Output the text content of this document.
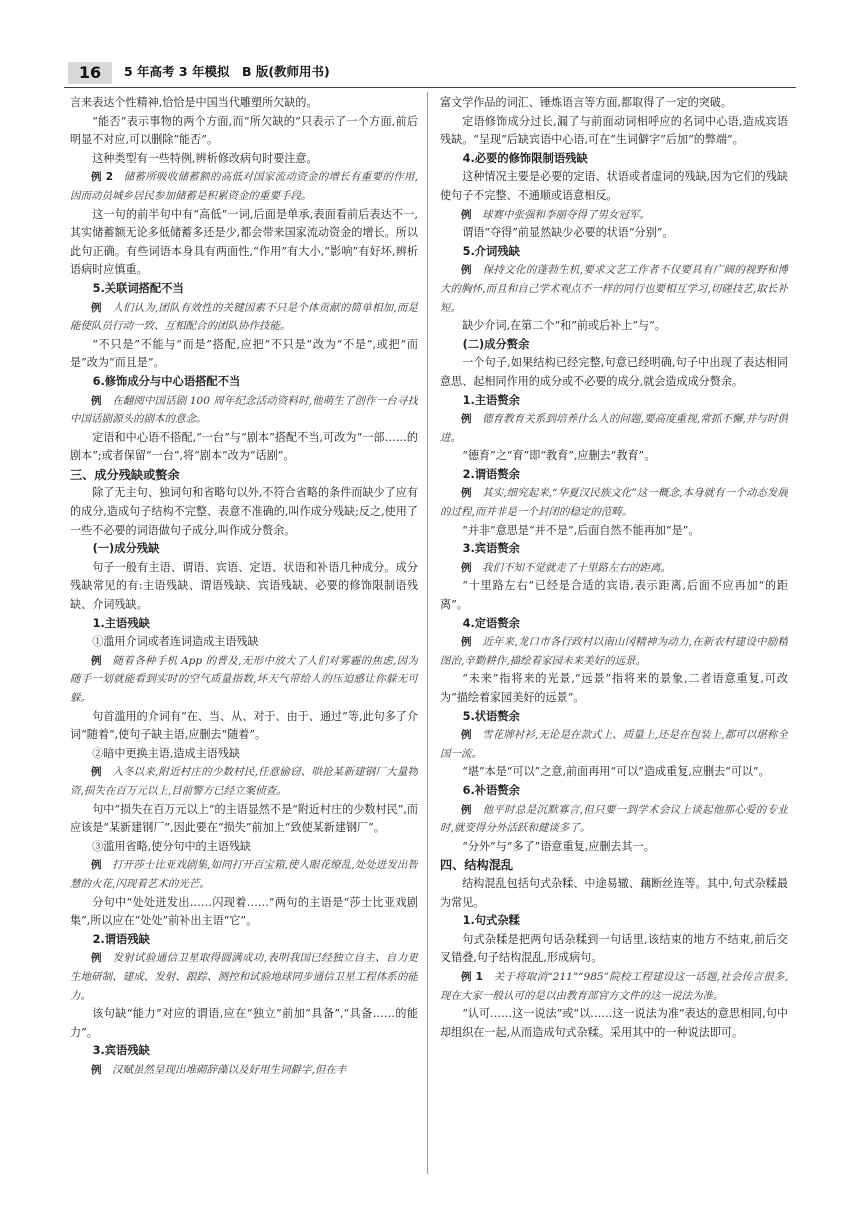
16	5 年高考 3 年模拟　B 版(教师用书)

言来表达个性精神,恰恰是中国当代雕塑所欠缺的。

“能否”表示事物的两个方面,而“所欠缺的”只表示了一个方面,前后明显不对应,可以删除“能否”。

这种类型有一些特例,辨析修改病句时要注意。

例 2  储蓄所吸收储蓄额的高低对国家流动资金的增长有重要的作用,因而动员城乡居民参加储蓄是积累资金的重要手段。

这一句的前半句中有“高低”一词,后面是单承,表面看前后表达不一,其实储蓄额无论多低储蓄多还是少,都会带来国家流动资金的增长。所以此句正确。有些词语本身具有两面性,“作用”有大小,“影响”有好坏,辨析语病时应慎重。

5.关联词搭配不当

例  人们认为,团队有效性的关键因素不只是个体贡献的简单相加,而是能使队员行动一致、互相配合的团队协作技能。

“不只是”不能与“而是”搭配,应把“不只是”改为“不是”,或把“而是”改为“而且是”。

6.修饰成分与中心语搭配不当

例  在翻阅中国话剧 100 周年纪念活动资料时,他萌生了创作一台寻找中国话剧源头的剧本的意念。

定语和中心语不搭配,“一台”与“剧本”搭配不当,可改为“一部……的剧本”;或者保留“一台”,将“剧本”改为“话剧”。

三、成分残缺或赘余

除了无主句、独词句和省略句以外,不符合省略的条件而缺少了应有的成分,造成句子结构不完整、表意不准确的,叫作成分残缺;反之,使用了一些不必要的词语做句子成分,叫作成分赘余。

(一)成分残缺

句子一般有主语、谓语、宾语、定语、状语和补语几种成分。成分残缺常见的有:主语残缺、谓语残缺、宾语残缺、必要的修饰限制语残缺、介词残缺。

1.主语残缺

①滥用介词或者连词造成主语残缺

例  随着各种手机 App 的普及,无形中放大了人们对雾霾的焦虑,因为随手一划就能看到实时的空气质量指数,坏天气带给人的压迫感让你躲无可躲。

句首滥用的介词有“在、当、从、对于、由于、通过”等,此句多了介词“随着”,使句子缺主语,应删去“随着”。

②暗中更换主语,造成主语残缺

例  入冬以来,附近村庄的少数村民,任意偷窃、哄抢某新建钢厂大量物资,损失在百万元以上,目前警方已经立案侦查。

句中“损失在百万元以上”的主语显然不是“附近村庄的少数村民”,而应该是“某新建钢厂”,因此要在“损失”前加上“致使某新建钢厂”。

③滥用省略,使分句中的主语残缺

例  打开莎士比亚戏剧集,如同打开百宝箱,使人眼花缭乱,处处迸发出智慧的火花,闪现着艺术的光芒。

分句中“处处迸发出……闪现着……”两句的主语是“莎士比亚戏剧集”,所以应在“处处”前补出主语“它”。

2.谓语残缺

例  发射试验通信卫星取得圆满成功,表明我国已经独立自主、自力更生地研制、建成、发射、跟踪、测控和试验地球同步通信卫星工程体系的能力。

该句缺“能力”对应的谓语,应在“独立”前加“具备”,“具备……的能力”。

3.宾语残缺

例  汉赋虽然呈现出堆砌辞藻以及好用生词僻字,但在丰

富文学作品的词汇、锤炼语言等方面,都取得了一定的突破。

定语修饰成分过长,漏了与前面动词相呼应的名词中心语,造成宾语残缺。“呈现”后缺宾语中心语,可在“生词僻字”后加“的弊端”。

4.必要的修饰限制语残缺

这种情况主要是必要的定语、状语或者虚词的残缺,因为它们的残缺使句子不完整、不通顺或语意相反。

例  球赛中张强和李丽夺得了男女冠军。

谓语“夺得”前显然缺少必要的状语“分别”。

5.介词残缺

例  保持文化的蓬勃生机,要求文艺工作者不仅要具有广阔的视野和博大的胸怀,而且和自己学术观点不一样的同行也要相互学习,切磋技艺,取长补短。

缺少介词,在第二个“和”前或后补上“与”。

(二)成分赘余

一个句子,如果结构已经完整,句意已经明确,句子中出现了表达相同意思、起相同作用的成分或不必要的成分,就会造成成分赘余。

1.主语赘余

例  德育教育关系到培养什么人的问题,要高度重视,常抓不懈,并与时俱进。

“德育”之“育”即“教育”,应删去“教育”。

2.谓语赘余

例  其实,细究起来,“华夏汉民族文化”这一概念,本身就有一个动态发展的过程,而并非是一个封闭的稳定的范畴。

“并非”意思是“并不是”,后面自然不能再加“是”。

3.宾语赘余

例  我们不知不觉就走了十里路左右的距离。

“十里路左右”已经是合适的宾语,表示距离,后面不应再加“的距离”。

4.定语赘余

例  近年来,龙口市各行政村以南山冈精神为动力,在新农村建设中励精图治,辛勤耕作,描绘着家园未来美好的远景。

“未来”指将来的光景,“远景”指将来的景象,二者语意重复,可改为“描绘着家园美好的远景”。

5.状语赘余

例  雪花牌衬衫,无论是在款式上、质量上,还是在包装上,都可以堪称全国一流。

“堪”本是“可以”之意,前面再用“可以”造成重复,应删去“可以”。

6.补语赘余

例  他平时总是沉默寡言,但只要一到学术会议上谈起他那心爱的专业时,就变得分外活跃和健谈多了。

“分外”与“多了”语意重复,应删去其一。

四、结构混乱

结构混乱包括句式杂糅、中途易辙、藕断丝连等。其中,句式杂糅最为常见。

1.句式杂糅

句式杂糅是把两句话杂糅到一句话里,该结束的地方不结束,前后交叉错叠,句子结构混乱,形成病句。

例 1  关于将取消“211”“985”院校工程建设这一话题,社会传言很多,现在大家一般认可的是以由教育部官方文件的这一说法为准。

“认可……这一说法”或“以……这一说法为准”表达的意思相同,句中却组织在一起,从而造成句式杂糅。采用其中的一种说法即可。
